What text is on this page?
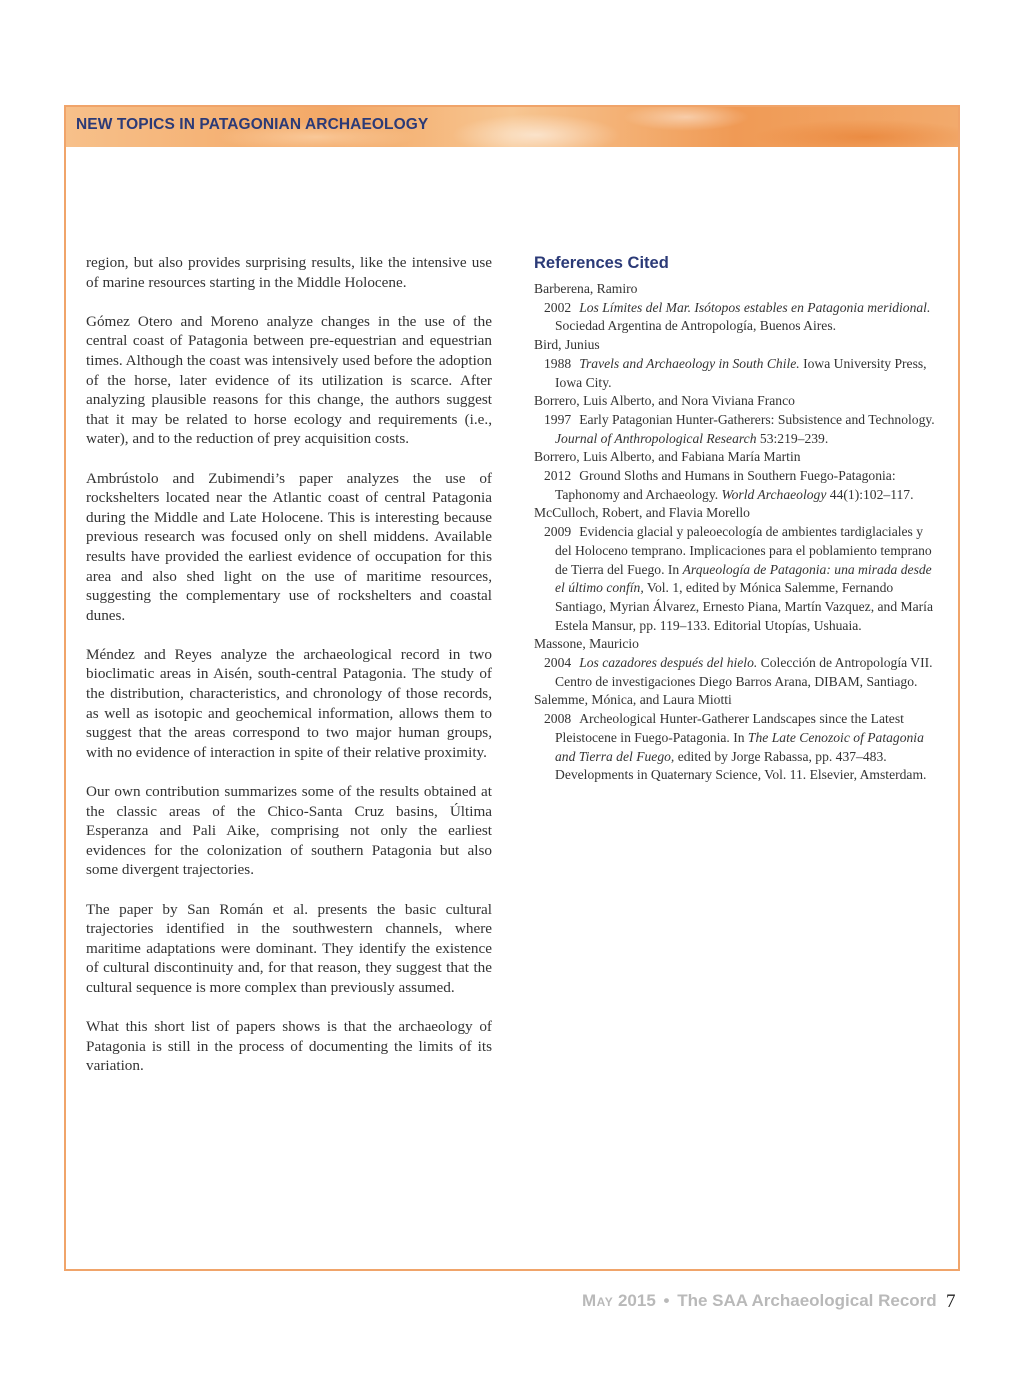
NEW TOPICS IN PATAGONIAN ARCHAEOLOGY

region, but also provides surprising results, like the intensive use of marine resources starting in the Middle Holocene.

Gómez Otero and Moreno analyze changes in the use of the central coast of Patagonia between pre-equestrian and equestrian times. Although the coast was intensively used before the adoption of the horse, later evidence of its utilization is scarce. After analyzing plausible reasons for this change, the authors suggest that it may be related to horse ecology and requirements (i.e., water), and to the reduction of prey acquisition costs.

Ambrústolo and Zubimendi’s paper analyzes the use of rockshelters located near the Atlantic coast of central Patagonia during the Middle and Late Holocene. This is interesting because previous research was focused only on shell middens. Available results have provided the earliest evidence of occupation for this area and also shed light on the use of maritime resources, suggesting the complementary use of rockshelters and coastal dunes.

Méndez and Reyes analyze the archaeological record in two bioclimatic areas in Aisén, south-central Patagonia. The study of the distribution, characteristics, and chronology of those records, as well as isotopic and geochemical information, allows them to suggest that the areas correspond to two major human groups, with no evidence of interaction in spite of their relative proximity.

Our own contribution summarizes some of the results obtained at the classic areas of the Chico-Santa Cruz basins, Última Esperanza and Pali Aike, comprising not only the earliest evidences for the colonization of southern Patagonia but also some divergent trajectories.

The paper by San Román et al. presents the basic cultural trajectories identified in the southwestern channels, where maritime adaptations were dominant. They identify the existence of cultural discontinuity and, for that reason, they suggest that the cultural sequence is more complex than previously assumed.

What this short list of papers shows is that the archaeology of Patagonia is still in the process of documenting the limits of its variation.

References Cited
Barberena, Ramiro
2002 Los Límites del Mar. Isótopos estables en Patagonia meridional. Sociedad Argentina de Antropología, Buenos Aires.
Bird, Junius
1988 Travels and Archaeology in South Chile. Iowa University Press, Iowa City.
Borrero, Luis Alberto, and Nora Viviana Franco
1997 Early Patagonian Hunter-Gatherers: Subsistence and Technology. Journal of Anthropological Research 53:219–239.
Borrero, Luis Alberto, and Fabiana María Martin
2012 Ground Sloths and Humans in Southern Fuego-Patagonia: Taphonomy and Archaeology. World Archaeology 44(1):102–117.
McCulloch, Robert, and Flavia Morello
2009 Evidencia glacial y paleoecología de ambientes tardiglaciales y del Holoceno temprano. Implicaciones para el poblamiento temprano de Tierra del Fuego. In Arqueología de Patagonia: una mirada desde el último confín, Vol. 1, edited by Mónica Salemme, Fernando Santiago, Myrian Álvarez, Ernesto Piana, Martín Vazquez, and María Estela Mansur, pp. 119–133. Editorial Utopías, Ushuaia.
Massone, Mauricio
2004 Los cazadores después del hielo. Colección de Antropología VII. Centro de investigaciones Diego Barros Arana, DIBAM, Santiago.
Salemme, Mónica, and Laura Miotti
2008 Archeological Hunter-Gatherer Landscapes since the Latest Pleistocene in Fuego-Patagonia. In The Late Cenozoic of Patagonia and Tierra del Fuego, edited by Jorge Rabassa, pp. 437–483. Developments in Quaternary Science, Vol. 11. Elsevier, Amsterdam.
May 2015 • The SAA Archaeological Record 7
